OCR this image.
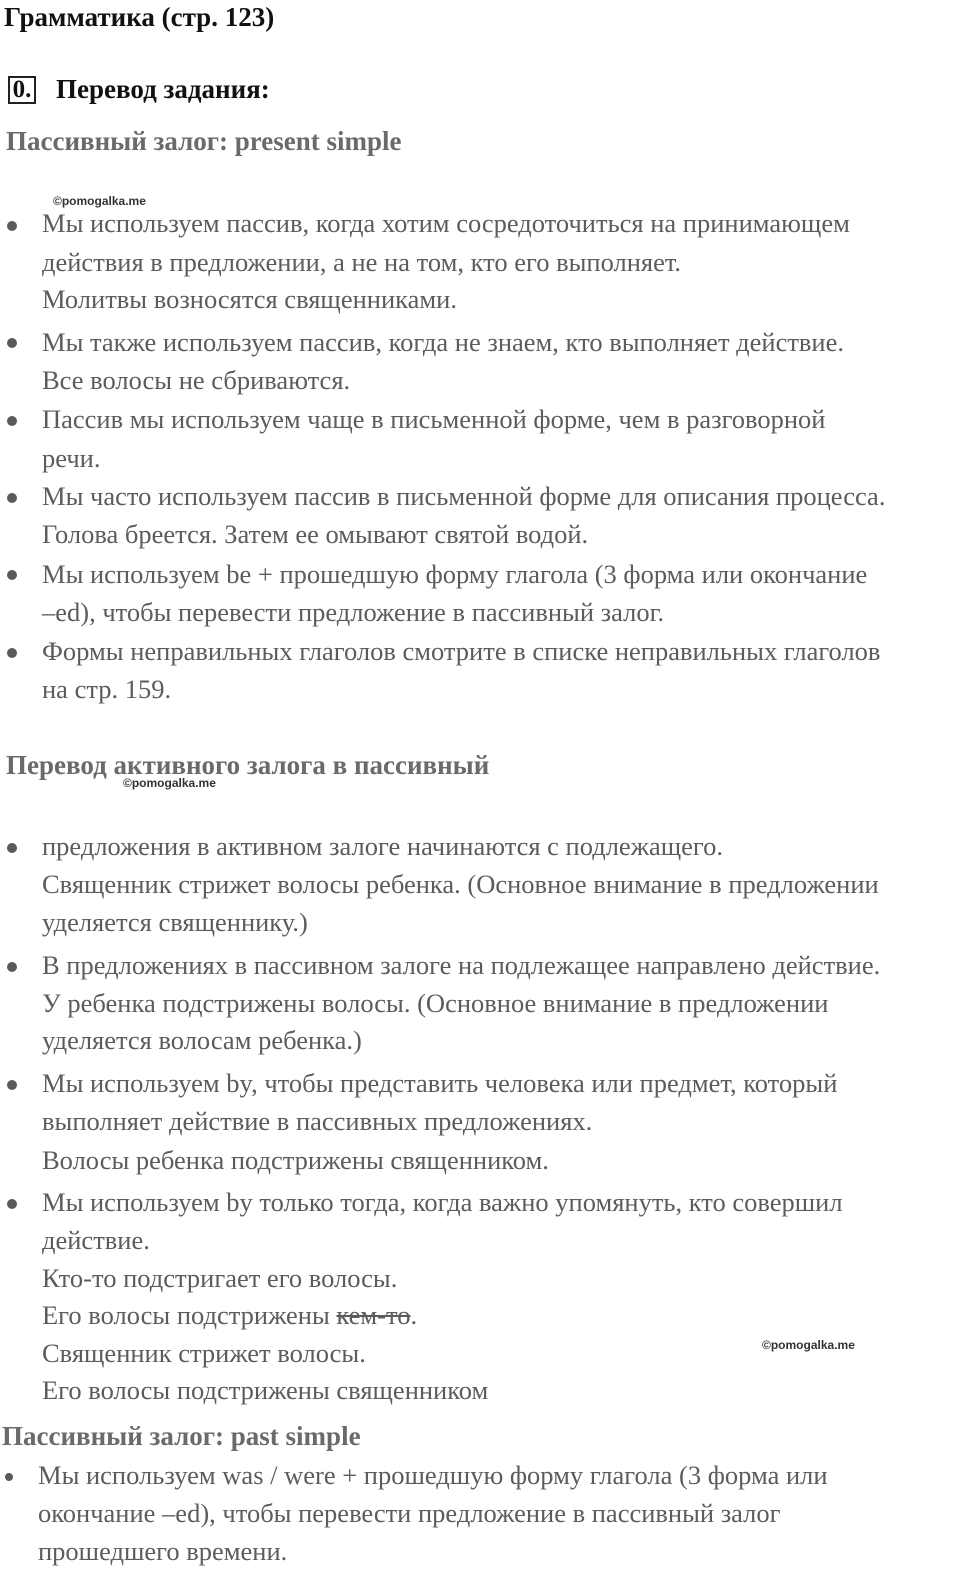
Грамматика (стр. 123)
0. Перевод задания:
Пассивный залог: present simple
©pomogalka.me
Мы используем пассив, когда хотим сосредоточиться на принимающем
действия в предложении, а не на том, кто его выполняет.
Молитвы возносятся священниками.
Мы также используем пассив, когда не знаем, кто выполняет действие.
Все волосы не сбриваются.
Пассив мы используем чаще в письменной форме, чем в разговорной
речи.
Мы часто используем пассив в письменной форме для описания процесса.
Голова бреется. Затем ее омывают святой водой.
Мы используем be + прошедшую форму глагола (3 форма или окончание
–ed), чтобы перевести предложение в пассивный залог.
Формы неправильных глаголов смотрите в списке неправильных глаголов
на стр. 159.
Перевод активного залога в пассивный
©pomogalka.me
предложения в активном залоге начинаются с подлежащего.
Священник стрижет волосы ребенка. (Основное внимание в предложении
уделяется священнику.)
В предложениях в пассивном залоге на подлежащее направлено действие.
У ребенка подстрижены волосы. (Основное внимание в предложении
уделяется волосам ребенка.)
Мы используем by, чтобы представить человека или предмет, который
выполняет действие в пассивных предложениях.
Волосы ребенка подстрижены священником.
Мы используем by только тогда, когда важно упомянуть, кто совершил
действие.
Кто-то подстригает его волосы.
Его волосы подстрижены кем-то.
Священник стрижет волосы.
Его волосы подстрижены священником
©pomogalka.me
Пассивный залог: past simple
Мы используем was / were + прошедшую форму глагола (3 форма или
окончание –ed), чтобы перевести предложение в пассивный залог
прошедшего времени.
